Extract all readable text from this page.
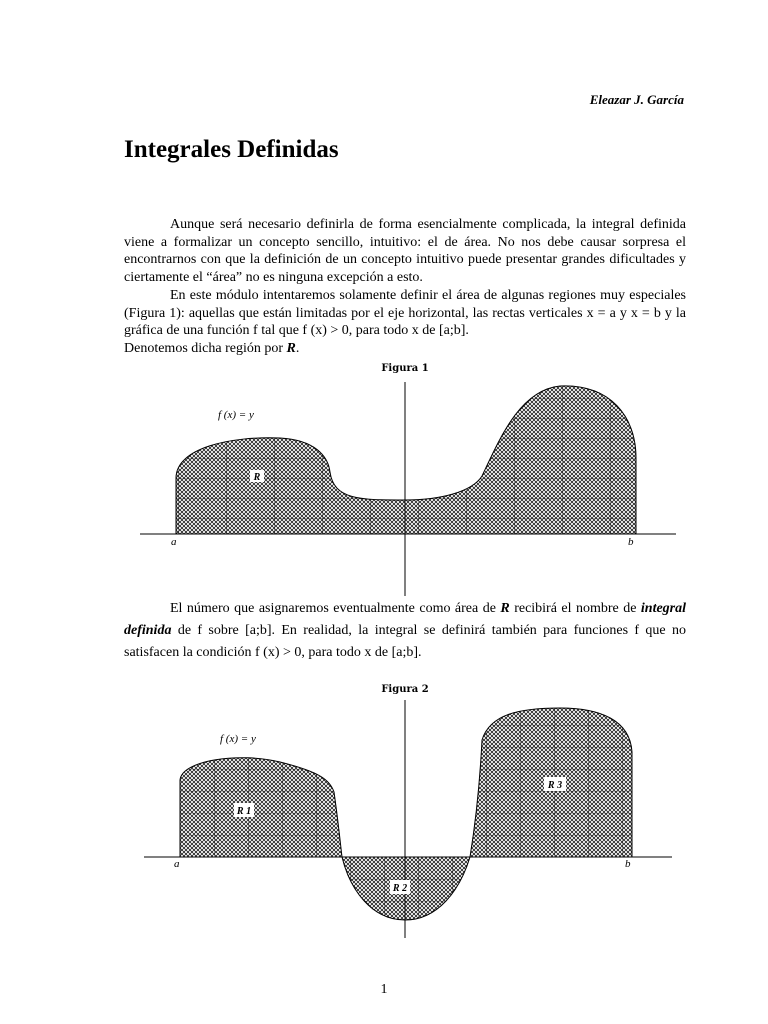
Eleazar J. García
Integrales Definidas

Aunque será necesario definirla de forma esencialmente complicada, la integral definida viene a formalizar un concepto sencillo, intuitivo: el de área. No nos debe causar sorpresa el encontrarnos con que la definición de un concepto intuitivo puede presentar grandes dificultades y ciertamente el “área” no es ninguna excepción a esto.

En este módulo intentaremos solamente definir el área de algunas regiones muy especiales (Figura 1): aquellas que están limitadas por el eje horizontal, las rectas verticales x = a y x = b y la gráfica de una función f tal que f (x) > 0, para todo x de [a;b].
Denotemos dicha región por R.

Figura 1
R
f (x) = y
a	b

El número que asignaremos eventualmente como área de R recibirá el nombre de integral definida de f sobre [a;b]. En realidad, la integral se definirá también para funciones f que no satisfacen la condición f (x) > 0, para todo x de [a;b].

Figura 2
R 1
R 2
R 3
f (x) = y
a	b
1
